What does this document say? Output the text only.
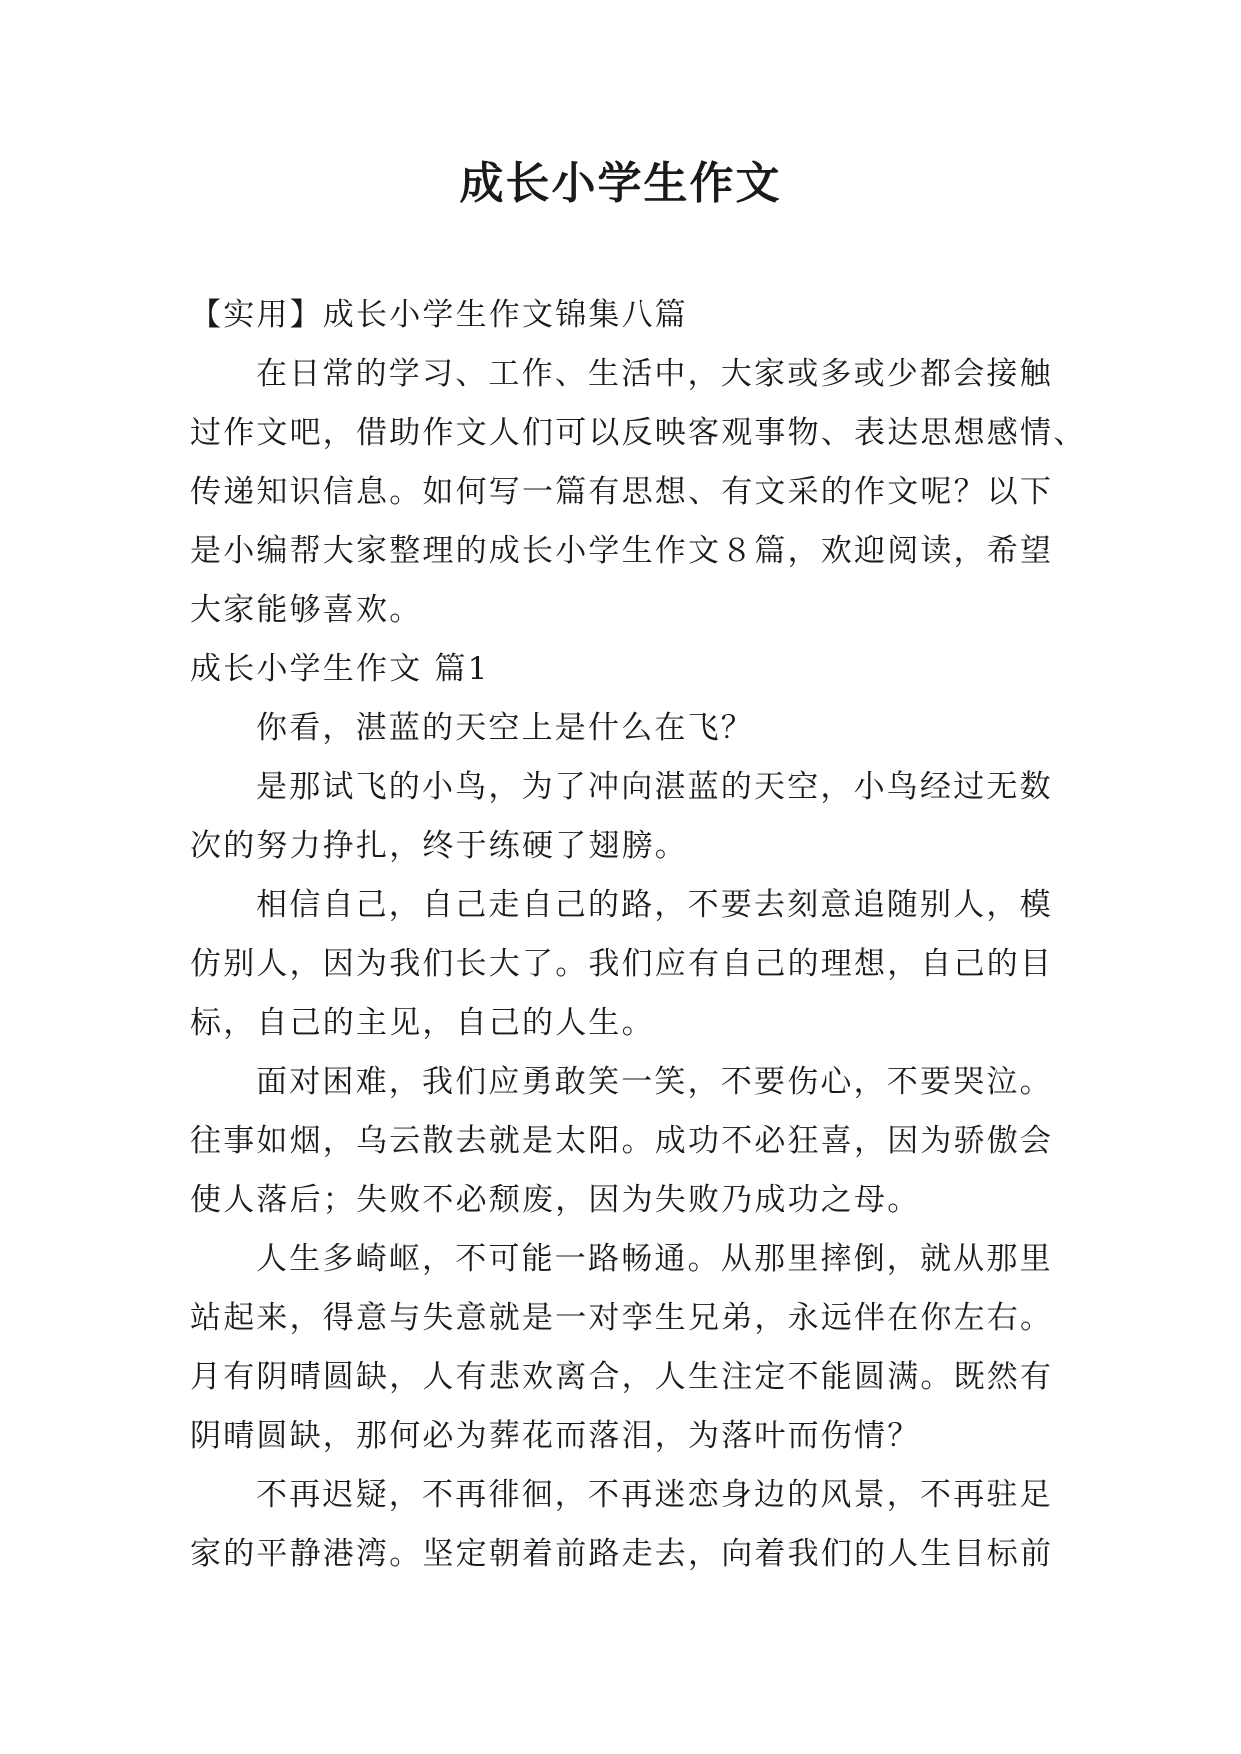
成长小学生作文

【实用】成长小学生作文锦集八篇

在日常的学习、工作、生活中，大家或多或少都会接触

过作文吧，借助作文人们可以反映客观事物、表达思想感情、

传递知识信息。如何写一篇有思想、有文采的作文呢？以下

是小编帮大家整理的成长小学生作文８篇，欢迎阅读，希望

大家能够喜欢。

成长小学生作文 篇1

你看，湛蓝的天空上是什么在飞？

是那试飞的小鸟，为了冲向湛蓝的天空，小鸟经过无数

次的努力挣扎，终于练硬了翅膀。

相信自己，自己走自己的路，不要去刻意追随别人，模

仿别人，因为我们长大了。我们应有自己的理想，自己的目

标，自己的主见，自己的人生。

面对困难，我们应勇敢笑一笑，不要伤心，不要哭泣。

往事如烟，乌云散去就是太阳。成功不必狂喜，因为骄傲会

使人落后；失败不必颓废，因为失败乃成功之母。

人生多崎岖，不可能一路畅通。从那里摔倒，就从那里

站起来，得意与失意就是一对孪生兄弟，永远伴在你左右。

月有阴晴圆缺，人有悲欢离合，人生注定不能圆满。既然有

阴晴圆缺，那何必为葬花而落泪，为落叶而伤情？

不再迟疑，不再徘徊，不再迷恋身边的风景，不再驻足

家的平静港湾。坚定朝着前路走去，向着我们的人生目标前
